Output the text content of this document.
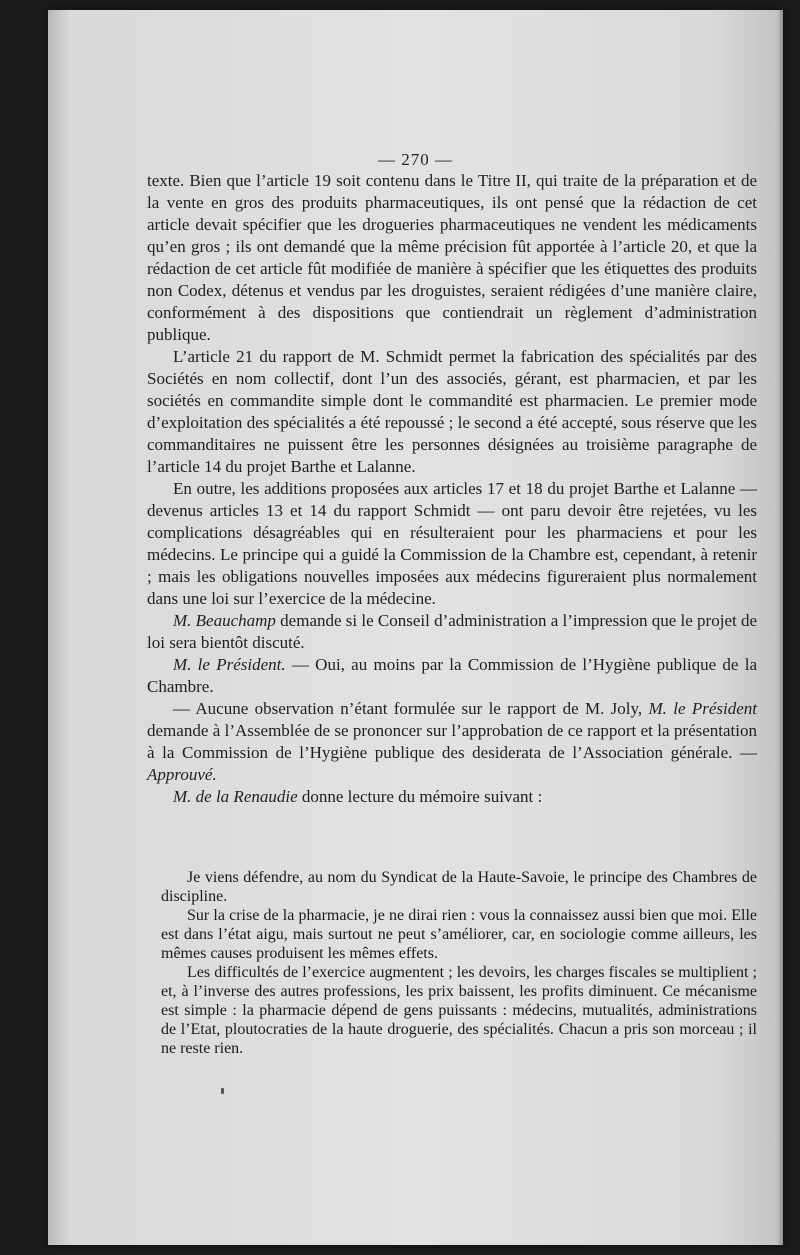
— 270 —

texte. Bien que l’article 19 soit contenu dans le Titre II, qui traite de la préparation et de la vente en gros des produits pharmaceutiques, ils ont pensé que la rédaction de cet article devait spécifier que les drogueries pharmaceutiques ne vendent les médicaments qu’en gros ; ils ont demandé que la même précision fût apportée à l’article 20, et que la rédaction de cet article fût modifiée de manière à spécifier que les étiquettes des produits non Codex, détenus et vendus par les droguistes, seraient rédigées d’une manière claire, conformément à des dispositions que contiendrait un règlement d’administration publique.

L’article 21 du rapport de M. Schmidt permet la fabrication des spécialités par des Sociétés en nom collectif, dont l’un des associés, gérant, est pharmacien, et par les sociétés en commandite simple dont le commandité est pharmacien. Le premier mode d’exploitation des spécialités a été repoussé ; le second a été accepté, sous réserve que les commanditaires ne puissent être les personnes désignées au troisième paragraphe de l’article 14 du projet Barthe et Lalanne.

En outre, les additions proposées aux articles 17 et 18 du projet Barthe et Lalanne — devenus articles 13 et 14 du rapport Schmidt — ont paru devoir être rejetées, vu les complications désagréables qui en résulteraient pour les pharmaciens et pour les médecins. Le principe qui a guidé la Commission de la Chambre est, cependant, à retenir ; mais les obligations nouvelles imposées aux médecins figureraient plus normalement dans une loi sur l’exercice de la médecine.

M. Beauchamp demande si le Conseil d’administration a l’impression que le projet de loi sera bientôt discuté.

M. le Président. — Oui, au moins par la Commission de l’Hygiène publique de la Chambre.

— Aucune observation n’étant formulée sur le rapport de M. Joly, M. le Président demande à l’Assemblée de se prononcer sur l’approbation de ce rapport et la présentation à la Commission de l’Hygiène publique des desiderata de l’Association générale. — Approuvé.

M. de la Renaudie donne lecture du mémoire suivant :

Je viens défendre, au nom du Syndicat de la Haute-Savoie, le principe des Chambres de discipline.

Sur la crise de la pharmacie, je ne dirai rien : vous la connaissez aussi bien que moi. Elle est dans l’état aigu, mais surtout ne peut s’améliorer, car, en sociologie comme ailleurs, les mêmes causes produisent les mêmes effets.

Les difficultés de l’exercice augmentent ; les devoirs, les charges fiscales se multiplient ; et, à l’inverse des autres professions, les prix baissent, les profits diminuent. Ce mécanisme est simple : la pharmacie dépend de gens puissants : médecins, mutualités, administrations de l’Etat, ploutocraties de la haute droguerie, des spécialités. Chacun a pris son morceau ; il ne reste rien.
